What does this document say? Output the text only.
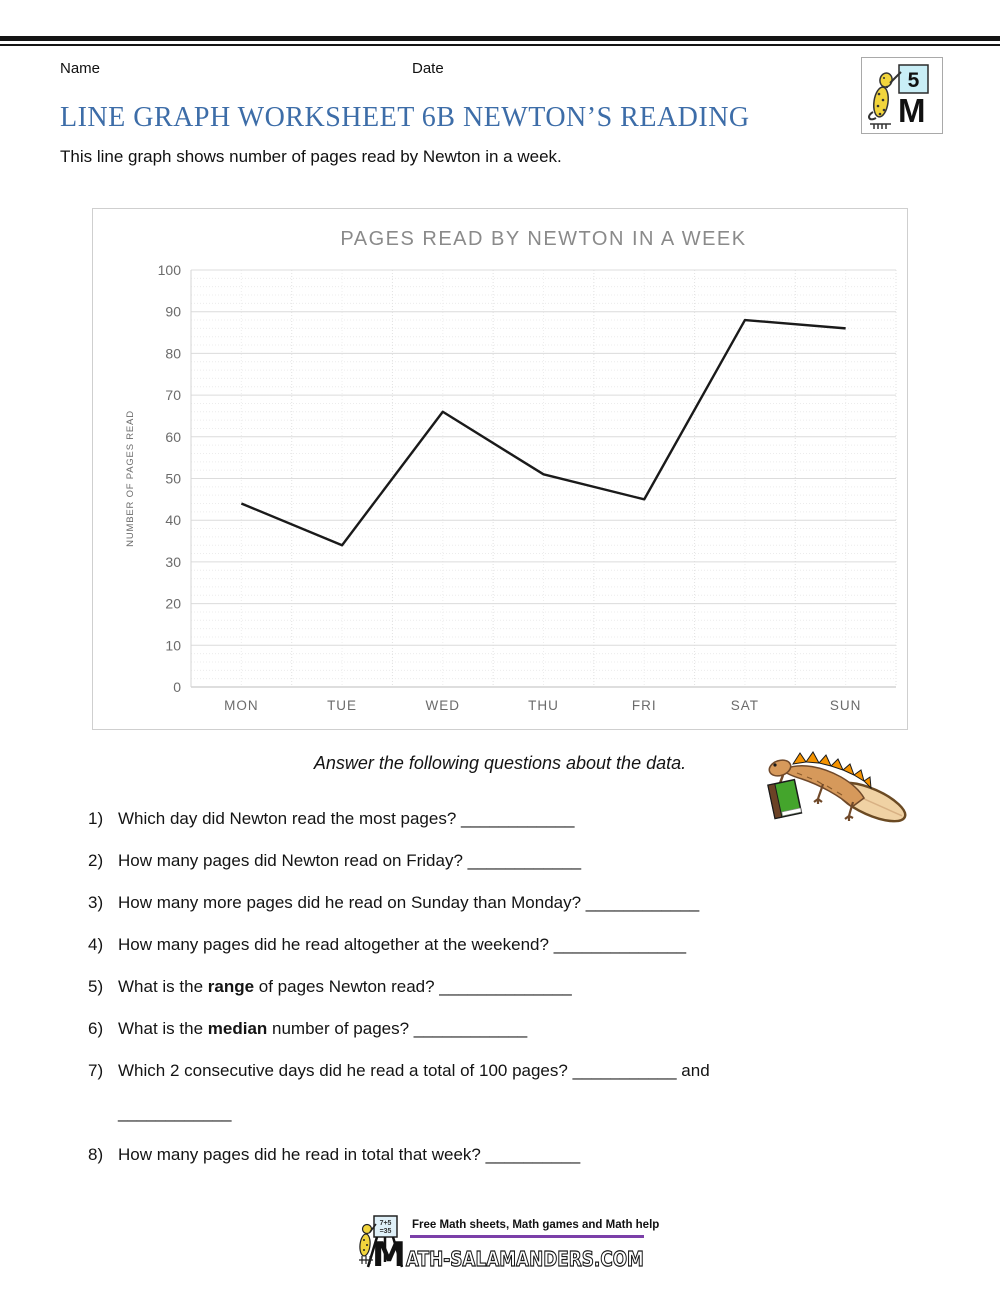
Name	Date
5
M
LINE GRAPH WORKSHEET 6B NEWTON’S READING
This line graph shows number of pages read by Newton in a week.
0
10
20
30
40
50
60
70
80
90
100
MON	TUE	WED	THU	FRI	SAT	SUN
PAGES READ BY NEWTON IN A WEEK
NUMBER OF PAGES READ
Answer the following questions about the data.
1) Which day did Newton read the most pages? ____________
2) How many pages did Newton read on Friday? ____________
3) How many more pages did he read on Sunday than Monday? ____________
4) How many pages did he read altogether at the weekend? ______________
5) What is the range of pages Newton read? ______________
6) What is the median number of pages? ____________
7) Which 2 consecutive days did he read a total of 100 pages? ___________ and
____________
8) How many pages did he read in total that week? __________
7+5
=35
Free Math sheets, Math games and Math help
MATH-SALAMANDERS.COM
